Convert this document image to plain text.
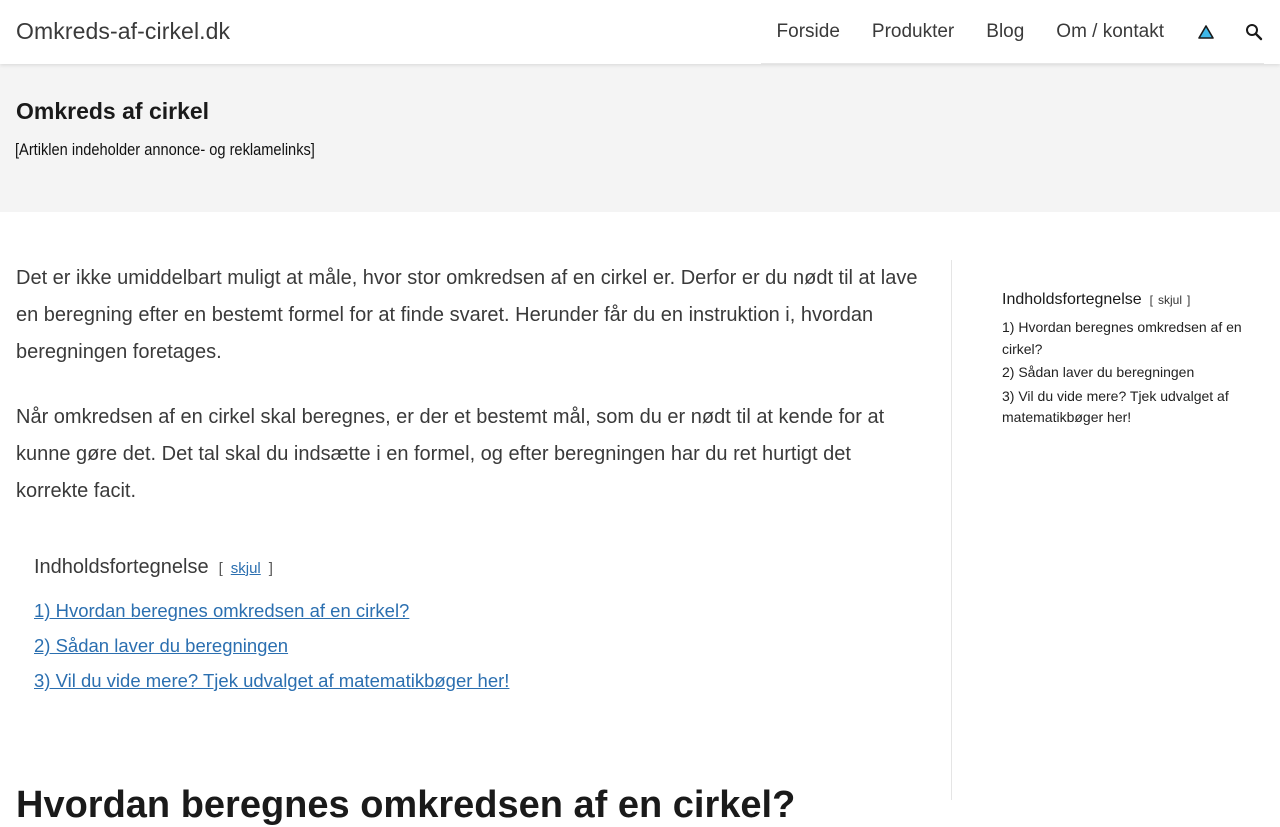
Omkreds-af-cirkel.dk	Forside Produkter Blog Om / kontakt
Omkreds af cirkel
[Artiklen indeholder annonce- og reklamelinks]

Det er ikke umiddelbart muligt at måle, hvor stor omkredsen af en cirkel er. Derfor er du nødt til at lave en beregning efter en bestemt formel for at finde svaret. Herunder får du en instruktion i, hvordan beregningen foretages.

Når omkredsen af en cirkel skal beregnes, er der et bestemt mål, som du er nødt til at kende for at kunne gøre det. Det tal skal du indsætte i en formel, og efter beregningen har du ret hurtigt det korrekte facit.

Indholdsfortegnelse [ skjul ]
1) Hvordan beregnes omkredsen af en cirkel?
2) Sådan laver du beregningen
3) Vil du vide mere? Tjek udvalget af matematikbøger her!
Hvordan beregnes omkredsen af en cirkel?
Indholdsfortegnelse [ skjul ]
1) Hvordan beregnes omkredsen af en cirkel?
2) Sådan laver du beregningen
3) Vil du vide mere? Tjek udvalget af matematikbøger her!
